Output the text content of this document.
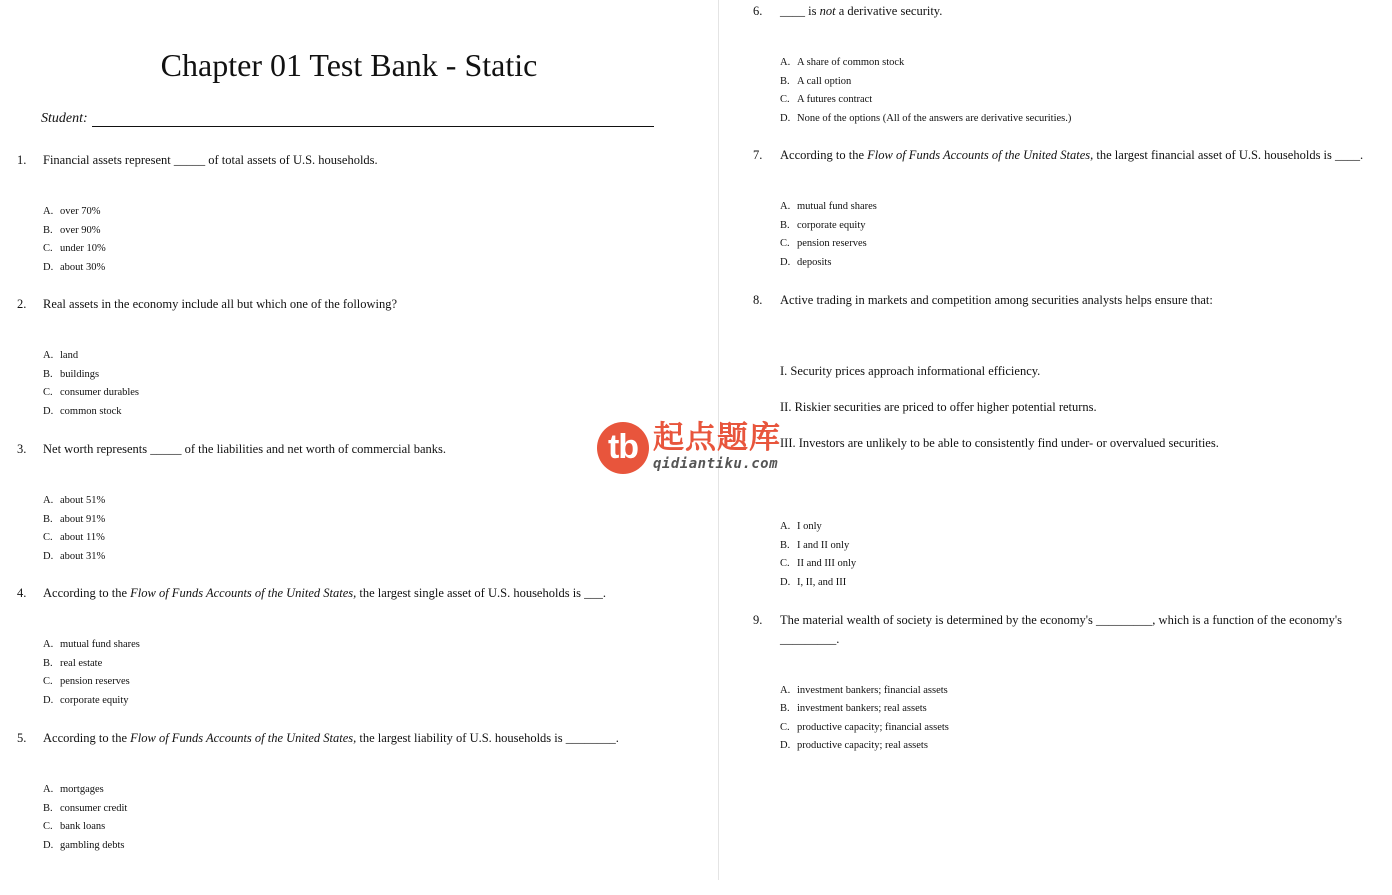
Chapter 01 Test Bank - Static
Student:
1. Financial assets represent _____ of total assets of U.S. households.
A. over 70%
B. over 90%
C. under 10%
D. about 30%
2. Real assets in the economy include all but which one of the following?
A. land
B. buildings
C. consumer durables
D. common stock
3. Net worth represents _____ of the liabilities and net worth of commercial banks.
A. about 51%
B. about 91%
C. about 11%
D. about 31%
4. According to the Flow of Funds Accounts of the United States, the largest single asset of U.S. households is ___.
A. mutual fund shares
B. real estate
C. pension reserves
D. corporate equity
5. According to the Flow of Funds Accounts of the United States, the largest liability of U.S. households is ________.
A. mortgages
B. consumer credit
C. bank loans
D. gambling debts
6. ____ is not a derivative security.
A. A share of common stock
B. A call option
C. A futures contract
D. None of the options (All of the answers are derivative securities.)
7. According to the Flow of Funds Accounts of the United States, the largest financial asset of U.S. households is ____.
A. mutual fund shares
B. corporate equity
C. pension reserves
D. deposits
8. Active trading in markets and competition among securities analysts helps ensure that:
I. Security prices approach informational efficiency.
II. Riskier securities are priced to offer higher potential returns.
III. Investors are unlikely to be able to consistently find under- or overvalued securities.
A. I only
B. I and II only
C. II and III only
D. I, II, and III
9. The material wealth of society is determined by the economy's _________, which is a function of the economy's
_________.
A. investment bankers; financial assets
B. investment bankers; real assets
C. productive capacity; financial assets
D. productive capacity; real assets
tb 起点题库
qidiantiku.com
